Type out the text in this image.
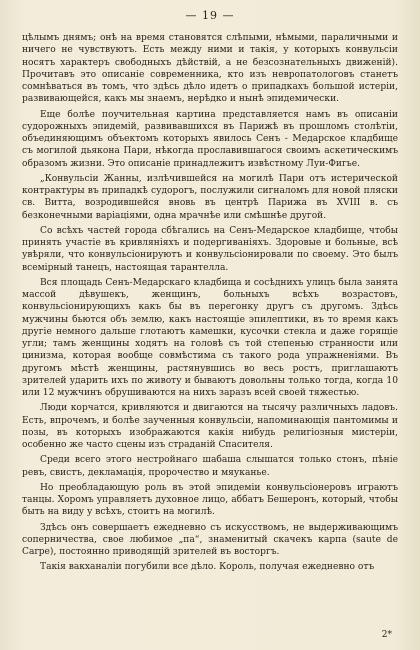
— 19 —

цѣлымъ днямъ; онѣ на время становятся слѣпыми, нѣмыми, параличными и ничего не чувствуютъ. Есть между ними и такія, у которыхъ конвульсіи носятъ характеръ свободныхъ дѣйствій, а не безсознательныхъ движеній). Прочитавъ это описаніе современника, кто изъ невропатологовъ станетъ сомнѣваться въ томъ, что здѣсь дѣло идетъ о припадкахъ большой истеріи, развивающейся, какъ мы знаемъ, нерѣдко и нынѣ эпидемически.

Еще болѣе поучительная картина представляется намъ въ описаніи судорожныхъ эпидемій, развивавшихся въ Парижѣ въ прошломъ столѣтіи, объединяющимъ объектомъ которыхъ явилось Сенъ - Медарское кладбище съ могилой дьякона Пари, нѣкогда прославившагося своимъ аскетическимъ образомъ жизни. Это описаніе принадлежитъ извѣстному Луи-Фигье.

„Конвульсіи Жанны, излѣчившейся на могилѣ Пари отъ истерической контрактуры въ припадкѣ судорогъ, послужили сигналомъ для новой пляски св. Витта, возродившейся вновь въ центрѣ Парижа въ XVIII в. съ безконечными варіаціями, одна мрачнѣе или смѣшнѣе другой.

Со всѣхъ частей города сбѣгались на Сенъ-Медарское кладбище, чтобы принять участіе въ кривляніяхъ и подергиваніяхъ. Здоровые и больные, всѣ увѣряли, что конвульсіонируютъ и конвульсіонировали по своему. Это былъ всемірный танецъ, настоящая тарантелла.

Вся площадь Сенъ-Медарскаго кладбища и сосѣднихъ улицъ была занята массой дѣвушекъ, женщинъ, больныхъ всѣхъ возрастовъ, конвульсіонирующихъ какъ бы въ перегонку другъ съ другомъ. Здѣсь мужчины бьются объ землю, какъ настоящіе эпилептики, въ то время какъ другіе немного дальше глотаютъ камешки, кусочки стекла и даже горящіе угли; тамъ женщины ходятъ на головѣ съ той степенью странности или цинизма, которая вообще совмѣстима съ такого рода упражненіями. Въ другомъ мѣстѣ женщины, растянувшись во весь ростъ, приглашаютъ зрителей ударить ихъ по животу и бываютъ довольны только тогда, когда 10 или 12 мужчинъ обрушиваются на нихъ заразъ всей своей тяжестью.

Люди корчатся, кривляются и двигаются на тысячу различныхъ ладовъ. Есть, впрочемъ, и болѣе заученныя конвульсіи, напоминающія пантомимы и позы, въ которыхъ изображаются какія нибудь религіозныя мистеріи, особенно же часто сцены изъ страданій Спасителя.

Среди всего этого нестройнаго шабаша слышатся только стонъ, пѣніе ревъ, свистъ, декламація, пророчество и мяуканье.

Но преобладающую роль въ этой эпидеміи конвульсіонеровъ играютъ танцы. Хоромъ управляетъ духовное лицо, аббатъ Бешеронъ, который, чтобы быть на виду у всѣхъ, стоитъ на могилѣ.

Здѣсь онъ совершаетъ ежедневно съ искусствомъ, не выдерживающимъ соперничества, свое любимое „па“, знаменитый скачекъ карпа (saute de Carpe), постоянно приводящій зрителей въ восторгъ.

Такія вакханаліи погубили все дѣло. Король, получая ежедневно отъ

2*
